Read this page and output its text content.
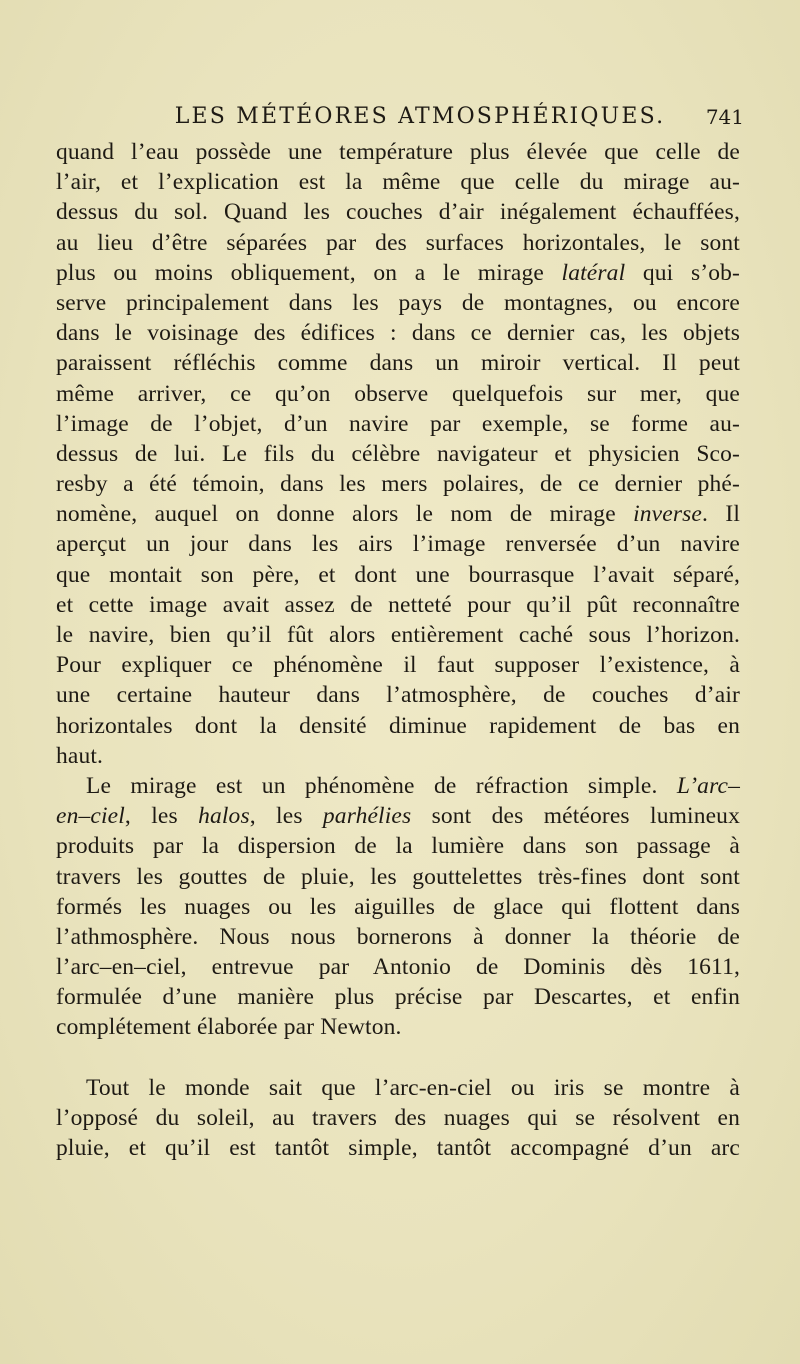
LES MÉTÉORES ATMOSPHÉRIQUES.	741
quand l’eau possède une température plus élevée que celle de
l’air, et l’explication est la même que celle du mirage au-
dessus du sol. Quand les couches d’air inégalement échauffées,
au lieu d’être séparées par des surfaces horizontales, le sont
plus ou moins obliquement, on a le mirage latéral qui s’ob-
serve principalement dans les pays de montagnes, ou encore
dans le voisinage des édifices : dans ce dernier cas, les objets
paraissent réfléchis comme dans un miroir vertical. Il peut
même arriver, ce qu’on observe quelquefois sur mer, que
l’image de l’objet, d’un navire par exemple, se forme au-
dessus de lui. Le fils du célèbre navigateur et physicien Sco-
resby a été témoin, dans les mers polaires, de ce dernier phé-
nomène, auquel on donne alors le nom de mirage inverse. Il
aperçut un jour dans les airs l’image renversée d’un navire
que montait son père, et dont une bourrasque l’avait séparé,
et cette image avait assez de netteté pour qu’il pût reconnaître
le navire, bien qu’il fût alors entièrement caché sous l’horizon.
Pour expliquer ce phénomène il faut supposer l’existence, à
une certaine hauteur dans l’atmosphère, de couches d’air
horizontales dont la densité diminue rapidement de bas en
haut.
Le mirage est un phénomène de réfraction simple. L’arc–
en–ciel, les halos, les parhélies sont des météores lumineux
produits par la dispersion de la lumière dans son passage à
travers les gouttes de pluie, les gouttelettes très-fines dont sont
formés les nuages ou les aiguilles de glace qui flottent dans
l’athmosphère. Nous nous bornerons à donner la théorie de
l’arc–en–ciel, entrevue par Antonio de Dominis dès 1611,
formulée d’une manière plus précise par Descartes, et enfin
complétement élaborée par Newton.
Tout le monde sait que l’arc-en-ciel ou iris se montre à
l’opposé du soleil, au travers des nuages qui se résolvent en
pluie, et qu’il est tantôt simple, tantôt accompagné d’un arc
